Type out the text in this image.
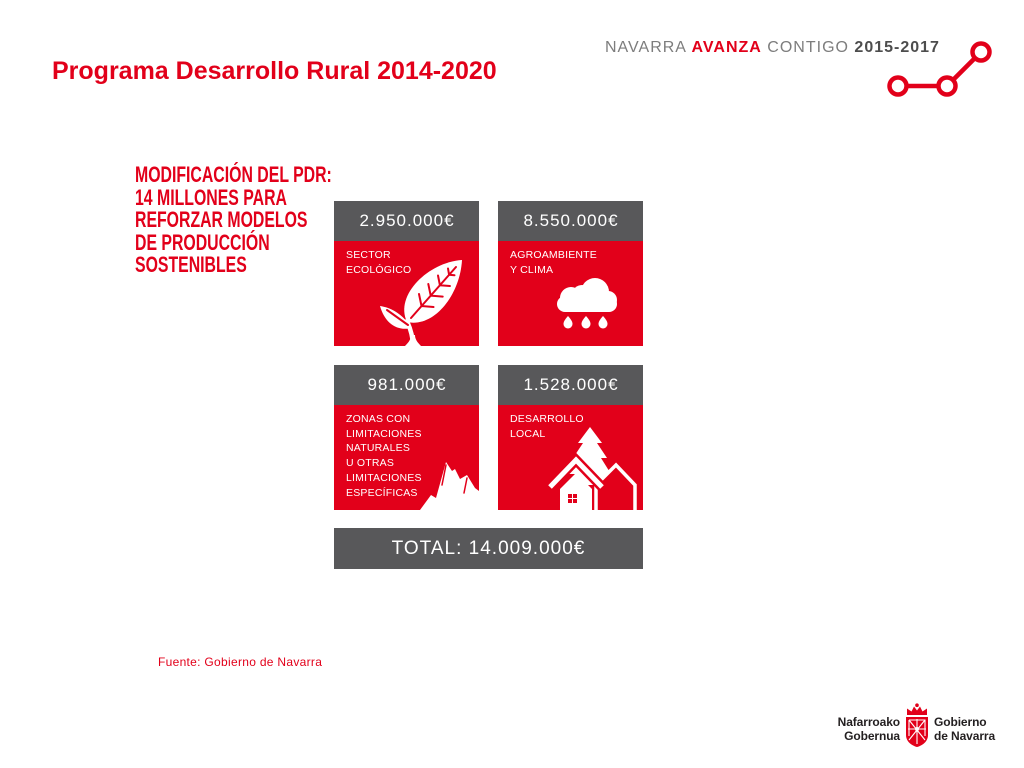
Programa Desarrollo Rural 2014-2020
NAVARRA AVANZA CONTIGO 2015-2017
MODIFICACIÓN DEL PDR:
14 MILLONES PARA
REFORZAR MODELOS
DE PRODUCCIÓN
SOSTENIBLES
2.950.000€
SECTOR
ECOLÓGICO
8.550.000€
AGROAMBIENTE
Y CLIMA
981.000€
ZONAS CON
LIMITACIONES
NATURALES
U OTRAS
LIMITACIONES
ESPECÍFICAS
1.528.000€
DESARROLLO
LOCAL
TOTAL: 14.009.000€
Fuente: Gobierno de Navarra
Nafarroako
Gobernua
Gobierno
de Navarra
